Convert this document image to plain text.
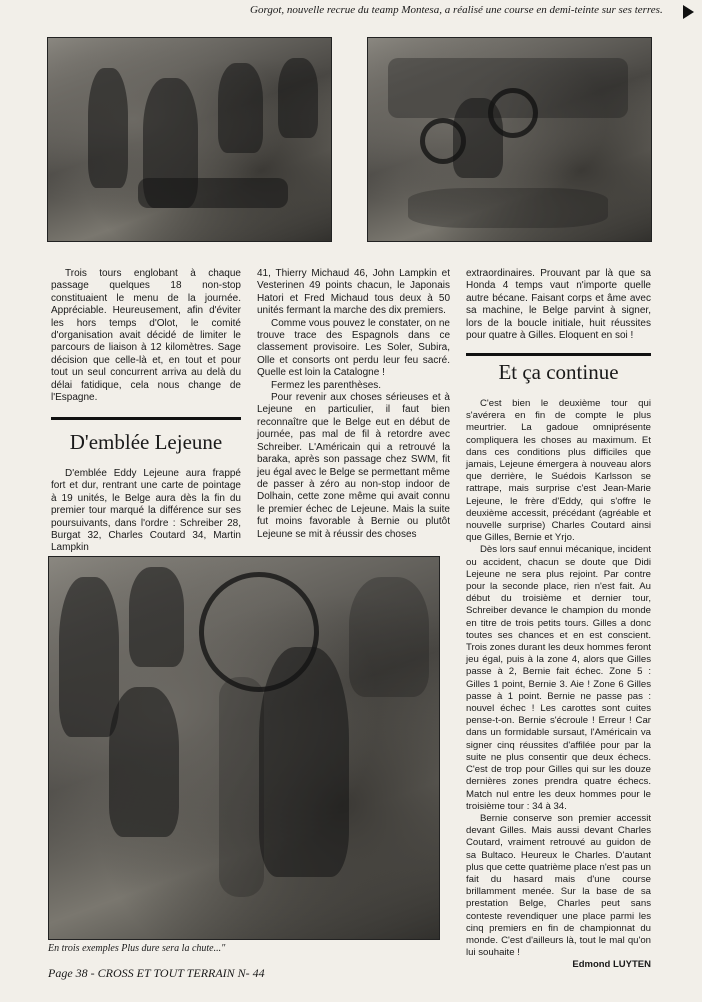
Gorgot, nouvelle recrue du teamp Montesa, a réalisé une course en demi-teinte sur ses terres.

Trois tours englobant à chaque passage quelques 18 non-stop constituaient le menu de la journée. Appréciable. Heureusement, afin d'éviter les hors temps d'Olot, le comité d'organisation avait décidé de limiter le parcours de liaison à 12 kilomètres. Sage décision que celle-là et, en tout et pour tout un seul concurrent arriva au delà du délai fatidique, cela nous change de l'Espagne.

D'emblée Lejeune

D'emblée Eddy Lejeune aura frappé fort et dur, rentrant une carte de pointage à 19 unités, le Belge aura dès la fin du premier tour marqué la différence sur ses poursuivants, dans l'ordre : Schreiber 28, Burgat 32, Charles Coutard 34, Martin Lampkin

41, Thierry Michaud 46, John Lampkin et Vesterinen 49 points chacun, le Japonais Hatori et Fred Michaud tous deux à 50 unités fermant la marche des dix premiers.

Comme vous pouvez le constater, on ne trouve trace des Espagnols dans ce classement provisoire. Les Soler, Subira, Olle et consorts ont perdu leur feu sacré. Quelle est loin la Catalogne !

Fermez les parenthèses.

Pour revenir aux choses sérieuses et à Lejeune en particulier, il faut bien reconnaître que le Belge eut en début de journée, pas mal de fil à retordre avec Schreiber. L'Américain qui a retrouvé la baraka, après son passage chez SWM, fit jeu égal avec le Belge se permettant même de passer à zéro au non-stop indoor de Dolhain, cette zone même qui avait connu le premier échec de Lejeune. Mais la suite fut moins favorable à Bernie ou plutôt Lejeune se mit à réussir des choses

extraordinaires. Prouvant par là que sa Honda 4 temps vaut n'importe quelle autre bécane. Faisant corps et âme avec sa machine, le Belge parvint à signer, lors de la boucle initiale, huit réussites pour quatre à Gilles. Eloquent en soi !

Et ça continue

C'est bien le deuxième tour qui s'avérera en fin de compte le plus meurtrier. La gadoue omniprésente compliquera les choses au maximum. Et dans ces conditions plus difficiles que jamais, Lejeune émergera à nouveau alors que derrière, le Suédois Karlsson se rattrape, mais surprise c'est Jean-Marie Lejeune, le frère d'Eddy, qui s'offre le deuxième accessit, précédant (agréable et nouvelle surprise) Charles Coutard ainsi que Gilles, Bernie et Yrjo.

Dès lors sauf ennui mécanique, incident ou accident, chacun se doute que Didi Lejeune ne sera plus rejoint. Par contre pour la seconde place, rien n'est fait. Au début du troisième et dernier tour, Schreiber devance le champion du monde en titre de trois petits tours. Gilles a donc toutes ses chances et en est conscient. Trois zones durant les deux hommes feront jeu égal, puis à la zone 4, alors que Gilles passe à 2, Bernie fait échec. Zone 5 : Gilles 1 point, Bernie 3. Aie ! Zone 6 Gilles passe à 1 point. Bernie ne passe pas : nouvel échec ! Les carottes sont cuites pense-t-on. Bernie s'écroule ! Erreur ! Car dans un formidable sursaut, l'Américain va signer cinq réussites d'affilée pour par la suite ne plus consentir que deux échecs. C'est de trop pour Gilles qui sur les douze dernières zones prendra quatre échecs. Match nul entre les deux hommes pour le troisième tour : 34 à 34.

Bernie conserve son premier accessit devant Gilles. Mais aussi devant Charles Coutard, vraiment retrouvé au guidon de sa Bultaco. Heureux le Charles. D'autant plus que cette quatrième place n'est pas un fait du hasard mais d'une course brillamment menée. Sur la base de sa prestation Belge, Charles peut sans conteste revendiquer une place parmi les cinq premiers en fin de championnat du monde. C'est d'ailleurs là, tout le mal qu'on lui souhaite !

Edmond LUYTEN
En trois exemples Plus dure sera la chute..."
Page 38 - CROSS ET TOUT TERRAIN N- 44
